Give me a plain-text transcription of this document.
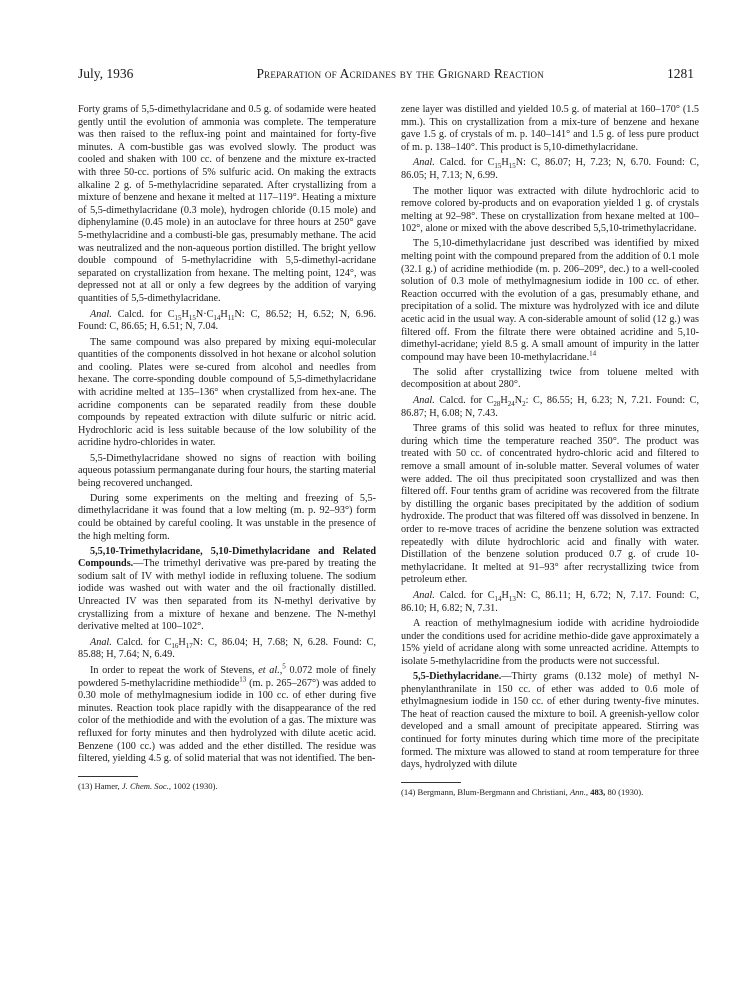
July, 1936	Preparation of Acridanes by the Grignard Reaction	1281

Forty grams of 5,5-dimethylacridane and 0.5 g. of sodamide were heated gently until the evolution of ammonia was complete. The temperature was then raised to the reflux-ing point and maintained for forty-five minutes. A com-bustible gas was evolved slowly. The product was cooled and shaken with 100 cc. of benzene and the mixture ex-tracted with three 50-cc. portions of 5% sulfuric acid. On making the extracts alkaline 2 g. of 5-methylacridine separated. After crystallizing from a mixture of benzene and hexane it melted at 117–119°. Heating a mixture of 5,5-dimethylacridane (0.3 mole), hydrogen chloride (0.15 mole) and diphenylamine (0.45 mole) in an autoclave for three hours at 250° gave 5-methylacridine and a combusti-ble gas, presumably methane. The acid was neutralized and the non-aqueous portion distilled. The bright yellow double compound of 5-methylacridine with 5,5-dimethyl-acridane separated on crystallization from hexane. The melting point, 124°, was depressed not at all or only a few degrees by the addition of varying quantities of 5,5-dimethylacridane.

Anal. Calcd. for $C_{15}H_{15}N\cdot C_{14}H_{11}N$: C, 86.52; H, 6.52; N, 6.96. Found: C, 86.65; H, 6.51; N, 7.04.

The same compound was also prepared by mixing equi-molecular quantities of the components dissolved in hot hexane or alcohol solution and cooling. Plates were se-cured from alcohol and needles from hexane. The corre-sponding double compound of 5,5-dimethylacridane with acridine melted at 135–136° when crystallized from hex-ane. The acridine components can be separated readily from these double compounds by repeated extraction with dilute sulfuric or nitric acid. Hydrochloric acid is less suitable because of the low solubility of the acridine hydro-chlorides in water.

5,5-Dimethylacridane showed no signs of reaction with boiling aqueous potassium permanganate during four hours, the starting material being recovered unchanged.

During some experiments on the melting and freezing of 5,5-dimethylacridane it was found that a low melting (m. p. 92–93°) form could be obtained by careful cooling. It was unstable in the presence of the high melting form.

5,5,10-Trimethylacridane, 5,10-Dimethylacridane and Related Compounds.—The trimethyl derivative was pre-pared by treating the sodium salt of IV with methyl iodide in refluxing toluene. The sodium iodide was washed out with water and the oil fractionally distilled. Unreacted IV was then separated from its N-methyl derivative by crystallizing from a mixture of hexane and benzene. The N-methyl derivative melted at 100–102°.

Anal. Calcd. for $C_{16}H_{17}N$: C, 86.04; H, 7.68; N, 6.28. Found: C, 85.88; H, 7.64; N, 6.49.

In order to repeat the work of Stevens, et al.,$^5$ 0.072 mole of finely powdered 5-methylacridine methiodide$^{13}$ (m. p. 265–267°) was added to 0.30 mole of methylmagnesium iodide in 100 cc. of ether during five minutes. Reaction took place rapidly with the disappearance of the red color of the methiodide and with the evolution of a gas. The mixture was refluxed for forty minutes and then hydrolyzed with dilute acetic acid. Benzene (100 cc.) was added and the ether distilled. The residue was filtered, yielding 4.5 g. of solid material that was not identified. The ben-

(13) Hamer, J. Chem. Soc., 1002 (1930).

zene layer was distilled and yielded 10.5 g. of material at 160–170° (1.5 mm.). This on crystallization from a mix-ture of benzene and hexane gave 1.5 g. of crystals of m. p. 140–141° and 1.5 g. of less pure product of m. p. 138–140°. This product is 5,10-dimethylacridane.

Anal. Calcd. for $C_{15}H_{15}N$: C, 86.07; H, 7.23; N, 6.70. Found: C, 86.05; H, 7.13; N, 6.99.

The mother liquor was extracted with dilute hydrochloric acid to remove colored by-products and on evaporation yielded 1 g. of crystals melting at 92–98°. These on crystallization from hexane melted at 100–102°, alone or mixed with the above described 5,5,10-trimethylacridane.

The 5,10-dimethylacridane just described was identified by mixed melting point with the compound prepared from the addition of 0.1 mole (32.1 g.) of acridine methiodide (m. p. 206–209°, dec.) to a well-cooled solution of 0.3 mole of methylmagnesium iodide in 100 cc. of ether. Reaction occurred with the evolution of a gas, presumably ethane, and precipitation of a solid. The mixture was hydrolyzed with ice and dilute acetic acid in the usual way. A con-siderable amount of solid (12 g.) was filtered off. From the filtrate there were obtained acridine and 5,10-dimethyl-acridane; yield 8.5 g. A small amount of impurity in the latter compound may have been 10-methylacridane.$^{14}$

The solid after crystallizing twice from toluene melted with decomposition at about 280°.

Anal. Calcd. for $C_{28}H_{24}N_2$: C, 86.55; H, 6.23; N, 7.21. Found: C, 86.87; H, 6.08; N, 7.43.

Three grams of this solid was heated to reflux for three minutes, during which time the temperature reached 350°. The product was treated with 50 cc. of concentrated hydro-chloric acid and filtered to remove a small amount of in-soluble matter. Several volumes of water were added. The oil thus precipitated soon crystallized and was then filtered off. Four tenths gram of acridine was recovered from the filtrate by distilling the organic bases precipitated by the addition of sodium hydroxide. The product that was filtered off was dissolved in benzene. In order to re-move traces of acridine the benzene solution was extracted repeatedly with dilute hydrochloric acid and finally with water. Distillation of the benzene solution produced 0.7 g. of crude 10-methylacridane. It melted at 91–93° after recrystallizing twice from petroleum ether.

Anal. Calcd. for $C_{14}H_{13}N$: C, 86.11; H, 6.72; N, 7.17. Found: C, 86.10; H, 6.82; N, 7.31.

A reaction of methylmagnesium iodide with acridine hydroiodide under the conditions used for acridine methio-dide gave approximately a 15% yield of acridane along with some unreacted acridine. Attempts to isolate 5-methylacridine from the products were not successful.

5,5-Diethylacridane.—Thirty grams (0.132 mole) of methyl N-phenylanthranilate in 150 cc. of ether was added to 0.6 mole of ethylmagnesium iodide in 150 cc. of ether during twenty-five minutes. The heat of reaction caused the mixture to boil. A greenish-yellow color developed and a small amount of precipitate appeared. Stirring was continued for forty minutes during which time more of the precipitate formed. The mixture was allowed to stand at room temperature for three days, hydrolyzed with dilute

(14) Bergmann, Blum-Bergmann and Christiani, Ann., 483, 80 (1930).
